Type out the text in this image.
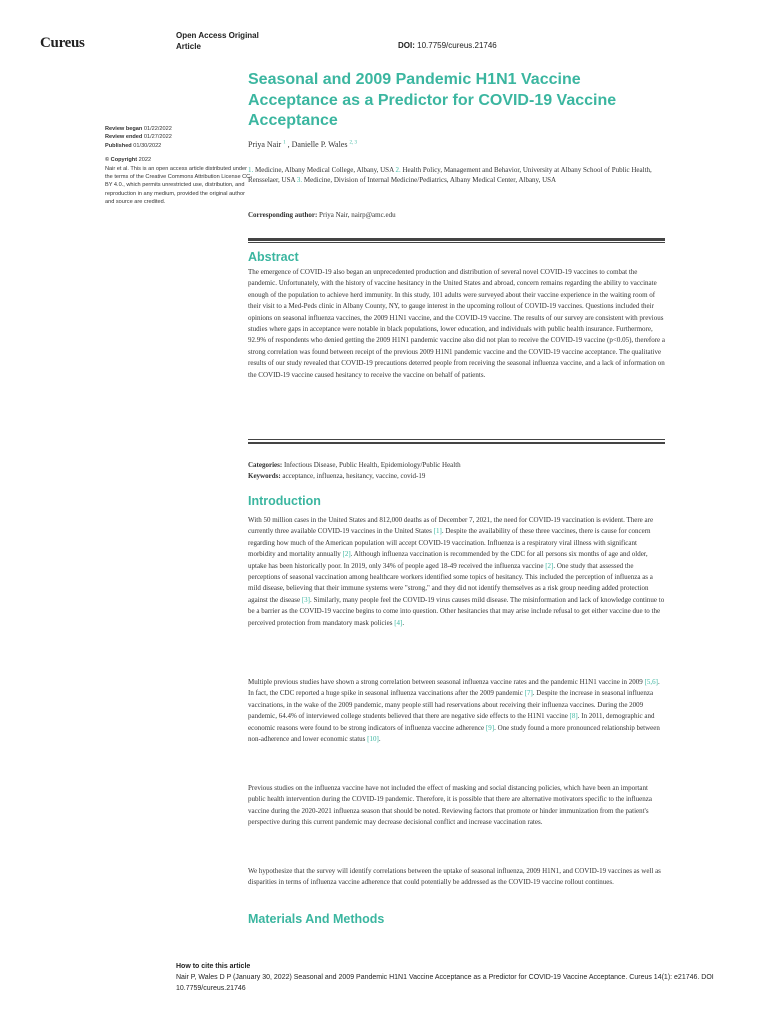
Cureus	Open Access Original
Article	DOI: 10.7759/cureus.21746
Review began 01/22/2022
Review ended 01/27/2022
Published 01/30/2022
© Copyright 2022
Nair et al. This is an open access article distributed under the terms of the Creative Commons Attribution License CC-BY 4.0., which permits unrestricted use, distribution, and reproduction in any medium, provided the original author and source are credited.
Seasonal and 2009 Pandemic H1N1 Vaccine Acceptance as a Predictor for COVID-19 Vaccine Acceptance
Priya Nair $^1$ , Danielle P. Wales $^{2, 3}$
1. Medicine, Albany Medical College, Albany, USA 2. Health Policy, Management and Behavior, University at Albany School of Public Health, Rensselaer, USA 3. Medicine, Division of Internal Medicine/Pediatrics, Albany Medical Center, Albany, USA
Corresponding author: Priya Nair, nairp@amc.edu
Abstract
The emergence of COVID-19 also began an unprecedented production and distribution of several novel COVID-19 vaccines to combat the pandemic. Unfortunately, with the history of vaccine hesitancy in the United States and abroad, concern remains regarding the ability to vaccinate enough of the population to achieve herd immunity. In this study, 101 adults were surveyed about their vaccine experience in the waiting room of their visit to a Med-Peds clinic in Albany County, NY, to gauge interest in the upcoming rollout of COVID-19 vaccines. Questions included their opinions on seasonal influenza vaccines, the 2009 H1N1 vaccine, and the COVID-19 vaccine. The results of our survey are consistent with previous studies where gaps in acceptance were notable in black populations, lower education, and individuals with public health insurance. Furthermore, 92.9% of respondents who denied getting the 2009 H1N1 pandemic vaccine also did not plan to receive the COVID-19 vaccine (p<0.05), therefore a strong correlation was found between receipt of the previous 2009 H1N1 pandemic vaccine and the COVID-19 vaccine acceptance. The qualitative results of our study revealed that COVID-19 precautions deterred people from receiving the seasonal influenza vaccine, and a lack of information on the COVID-19 vaccine caused hesitancy to receive the vaccine on behalf of patients.
Categories: Infectious Disease, Public Health, Epidemiology/Public Health
Keywords: acceptance, influenza, hesitancy, vaccine, covid-19
Introduction
With 50 million cases in the United States and 812,000 deaths as of December 7, 2021, the need for COVID-19 vaccination is evident. There are currently three available COVID-19 vaccines in the United States [1]. Despite the availability of these three vaccines, there is cause for concern regarding how much of the American population will accept COVID-19 vaccination. Influenza is a respiratory viral illness with significant morbidity and mortality annually [2]. Although influenza vaccination is recommended by the CDC for all persons six months of age and older, uptake has been historically poor. In 2019, only 34% of people aged 18-49 received the influenza vaccine [2]. One study that assessed the perceptions of seasonal vaccination among healthcare workers identified some topics of hesitancy. This included the perception of influenza as a mild disease, believing that their immune systems were "strong," and they did not identify themselves as a risk group needing added protection against the disease [3]. Similarly, many people feel the COVID-19 virus causes mild disease. The misinformation and lack of knowledge continue to be a barrier as the COVID-19 vaccine begins to come into question. Other hesitancies that may arise include refusal to get either vaccine due to the perceived protection from mandatory mask policies [4].
Multiple previous studies have shown a strong correlation between seasonal influenza vaccine rates and the pandemic H1N1 vaccine in 2009 [5,6]. In fact, the CDC reported a huge spike in seasonal influenza vaccinations after the 2009 pandemic [7]. Despite the increase in seasonal influenza vaccinations, in the wake of the 2009 pandemic, many people still had reservations about receiving their influenza vaccines. During the 2009 pandemic, 64.4% of interviewed college students believed that there are negative side effects to the H1N1 vaccine [8]. In 2011, demographic and economic reasons were found to be strong indicators of influenza vaccine adherence [9]. One study found a more pronounced relationship between non-adherence and lower economic status [10].
Previous studies on the influenza vaccine have not included the effect of masking and social distancing policies, which have been an important public health intervention during the COVID-19 pandemic. Therefore, it is possible that there are alternative motivators specific to the influenza vaccine during the 2020-2021 influenza season that should be noted. Reviewing factors that promote or hinder immunization from the patient's perspective during this current pandemic may decrease decisional conflict and increase vaccination rates.
We hypothesize that the survey will identify correlations between the uptake of seasonal influenza, 2009 H1N1, and COVID-19 vaccines as well as disparities in terms of influenza vaccine adherence that could potentially be addressed as the COVID-19 vaccine rollout continues.
Materials And Methods
How to cite this article
Nair P, Wales D P (January 30, 2022) Seasonal and 2009 Pandemic H1N1 Vaccine Acceptance as a Predictor for COVID-19 Vaccine Acceptance. Cureus 14(1): e21746. DOI 10.7759/cureus.21746
